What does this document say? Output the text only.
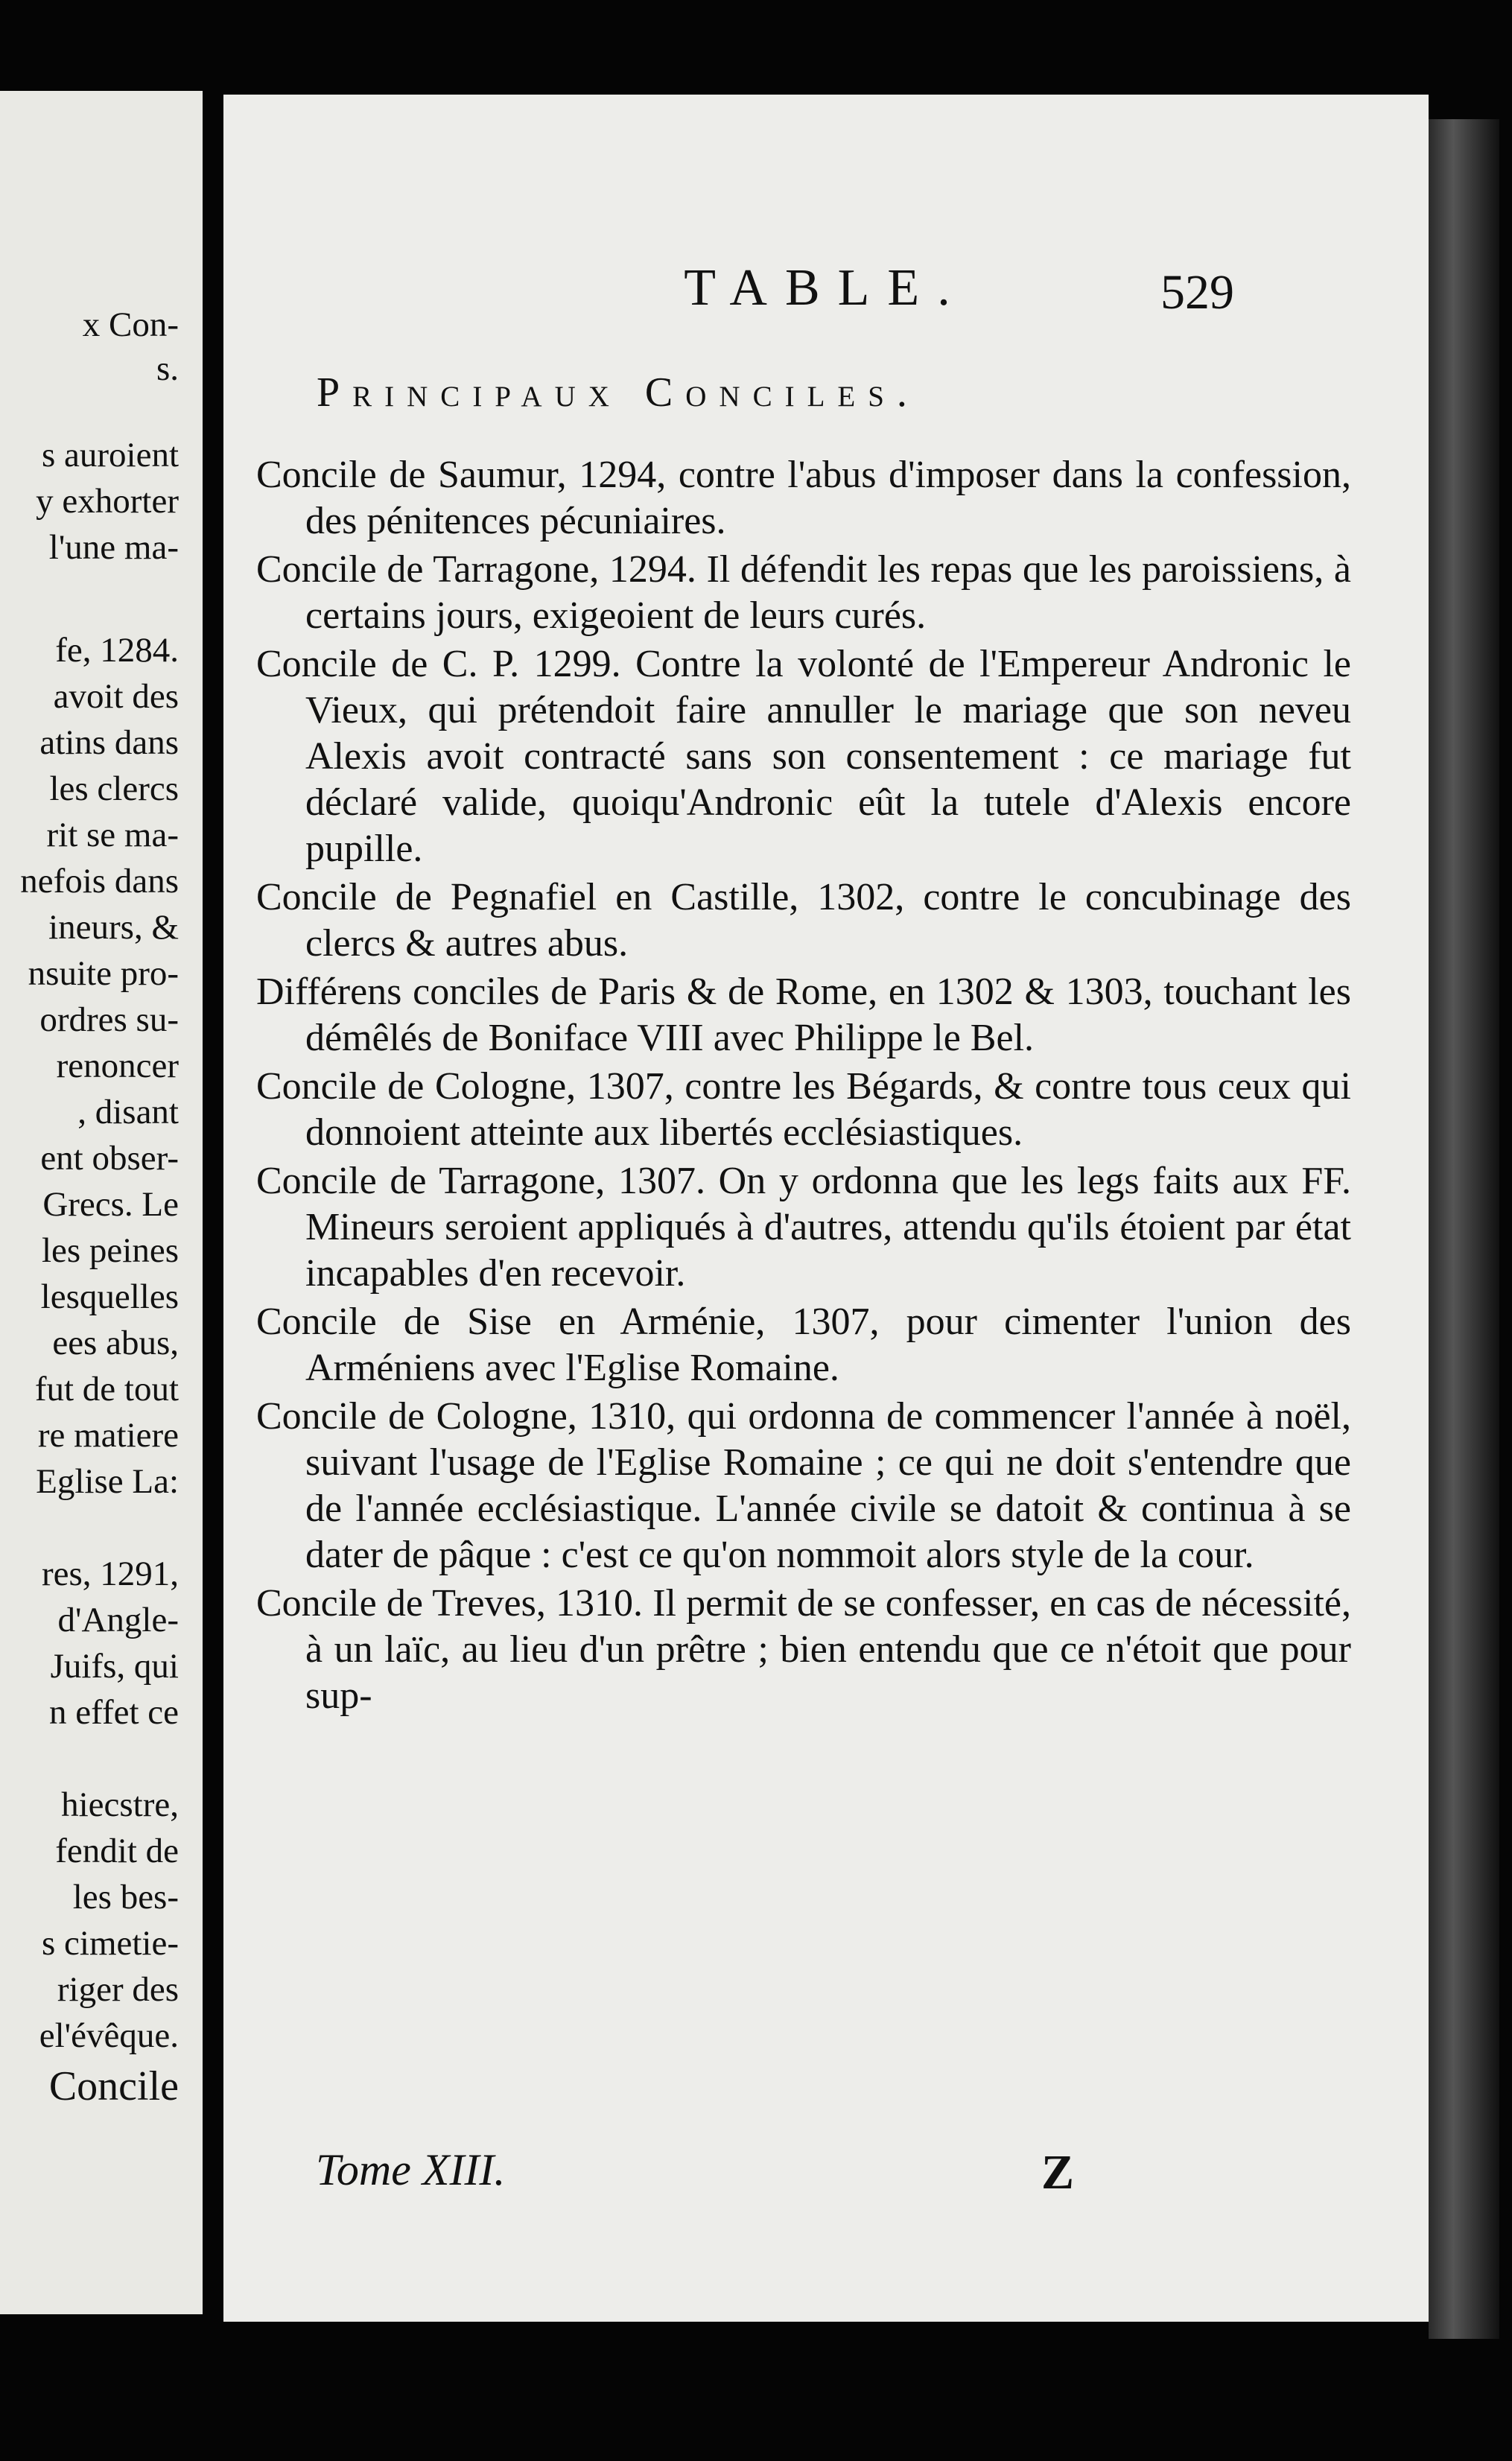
x Con-
s.
s auroient
y exhorter
l'une ma-
fe, 1284.
avoit des
atins dans
les clercs
rit se ma-
nefois dans
ineurs, &
nsuite pro-
ordres su-
renoncer
, disant
ent obser-
Grecs. Le
les peines
lesquelles
ees abus,
fut de tout
re matiere
Eglise La:
res, 1291,
d'Angle-
Juifs, qui
n effet ce
hiecstre,
fendit de
les bes-
s cimetie-
riger des
el'évêque.
Concile
TABLE.	529
Principaux Conciles.

Concile de Saumur, 1294, contre l'abus d'imposer dans la confession, des pénitences pécuniaires.

Concile de Tarragone, 1294. Il défendit les repas que les paroissiens, à certains jours, exigeoient de leurs curés.

Concile de C. P. 1299. Contre la volonté de l'Empereur Andronic le Vieux, qui prétendoit faire annuller le mariage que son neveu Alexis avoit contracté sans son consentement : ce mariage fut déclaré valide, quoiqu'Andronic eût la tutele d'Alexis encore pupille.

Concile de Pegnafiel en Castille, 1302, contre le concubinage des clercs & autres abus.

Différens conciles de Paris & de Rome, en 1302 & 1303, touchant les démêlés de Boniface VIII avec Philippe le Bel.

Concile de Cologne, 1307, contre les Bégards, & contre tous ceux qui donnoient atteinte aux libertés ecclésiastiques.

Concile de Tarragone, 1307. On y ordonna que les legs faits aux FF. Mineurs seroient appliqués à d'autres, attendu qu'ils étoient par état incapables d'en recevoir.

Concile de Sise en Arménie, 1307, pour cimenter l'union des Arméniens avec l'Eglise Romaine.

Concile de Cologne, 1310, qui ordonna de commencer l'année à noël, suivant l'usage de l'Eglise Romaine ; ce qui ne doit s'entendre que de l'année ecclésiastique. L'année civile se datoit & continua à se dater de pâque : c'est ce qu'on nommoit alors style de la cour.

Concile de Treves, 1310. Il permit de se confesser, en cas de nécessité, à un laïc, au lieu d'un prêtre ; bien entendu que ce n'étoit que pour sup-

Tome XIII.	Z
